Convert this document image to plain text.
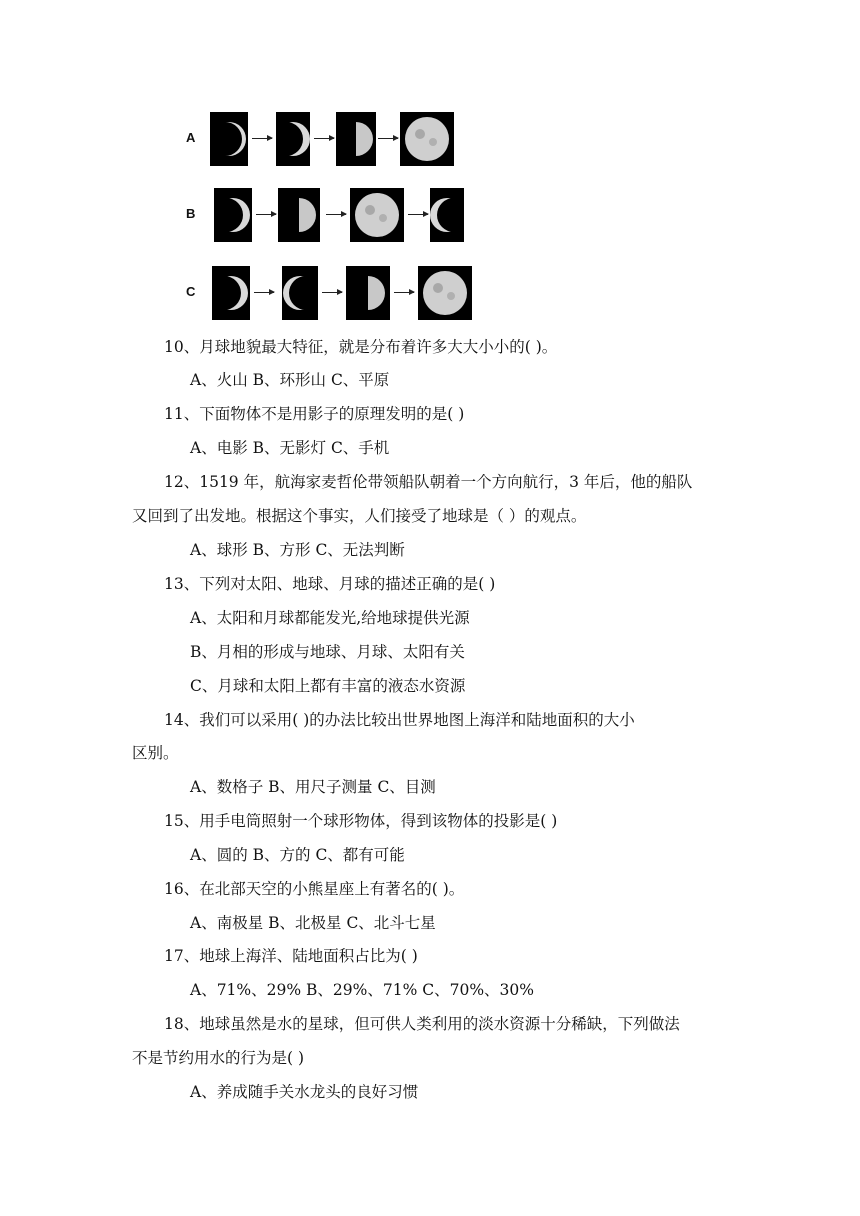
A
B
C
10、月球地貌最大特征，就是分布着许多大大小小的( )。
A、火山 B、环形山 C、平原
11、下面物体不是用影子的原理发明的是( )
A、电影 B、无影灯 C、手机
12、1519 年，航海家麦哲伦带领船队朝着一个方向航行，3 年后，他的船队
又回到了出发地。根据这个事实，人们接受了地球是（ ）的观点。
A、球形 B、方形 C、无法判断
13、下列对太阳、地球、月球的描述正确的是( )
A、太阳和月球都能发光,给地球提供光源
B、月相的形成与地球、月球、太阳有关
C、月球和太阳上都有丰富的液态水资源
14、我们可以采用( )的办法比较出世界地图上海洋和陆地面积的大小
区别。
A、数格子 B、用尺子测量 C、目测
15、用手电筒照射一个球形物体，得到该物体的投影是( )
A、圆的 B、方的 C、都有可能
16、在北部天空的小熊星座上有著名的( )。
A、南极星 B、北极星 C、北斗七星
17、地球上海洋、陆地面积占比为( )
A、71%、29% B、29%、71% C、70%、30%
18、地球虽然是水的星球，但可供人类利用的淡水资源十分稀缺，下列做法
不是节约用水的行为是( )
A、养成随手关水龙头的良好习惯
